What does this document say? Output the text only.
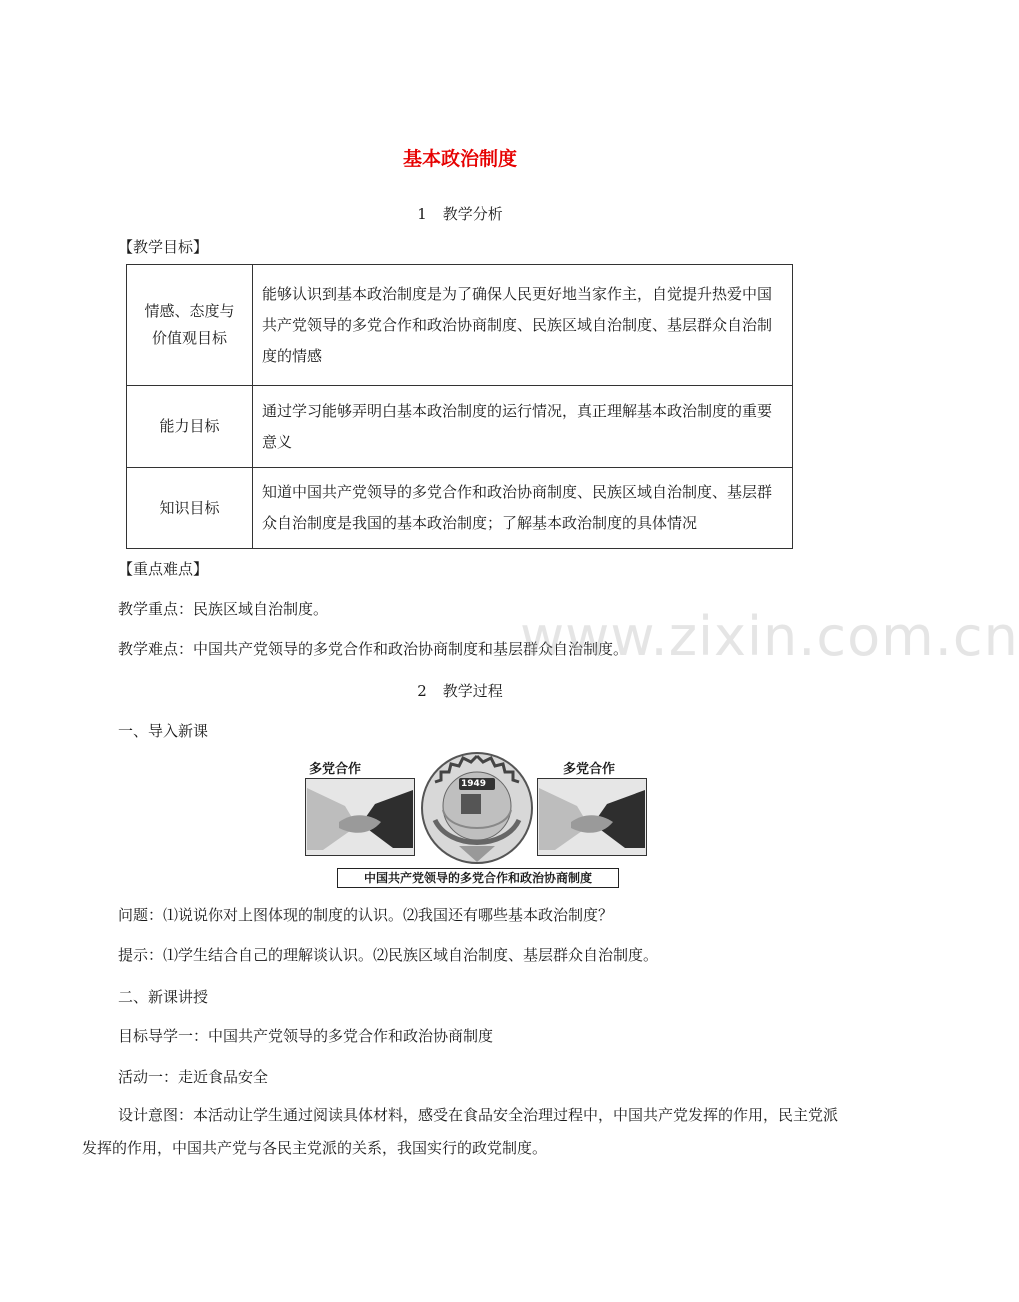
基本政治制度
1 教学分析
【教学目标】
情感、态度与
价值观目标	能够认识到基本政治制度是为了确保人民更好地当家作主，自觉提升热爱中国共产党领导的多党合作和政治协商制度、民族区域自治制度、基层群众自治制度的情感

能力目标	通过学习能够弄明白基本政治制度的运行情况，真正理解基本政治制度的重要意义

知识目标	知道中国共产党领导的多党合作和政治协商制度、民族区域自治制度、基层群众自治制度是我国的基本政治制度；了解基本政治制度的具体情况
【重点难点】
教学重点：民族区域自治制度。
教学难点：中国共产党领导的多党合作和政治协商制度和基层群众自治制度。
www.zixin.com.cn
2 教学过程
一、导入新课
多党合作	多党合作
1949
中国共产党领导的多党合作和政治协商制度
问题：⑴说说你对上图体现的制度的认识。⑵我国还有哪些基本政治制度？
提示：⑴学生结合自己的理解谈认识。⑵民族区域自治制度、基层群众自治制度。
二、新课讲授
目标导学一：中国共产党领导的多党合作和政治协商制度
活动一：走近食品安全
设计意图：本活动让学生通过阅读具体材料，感受在食品安全治理过程中，中国共产党发挥的作用，民主党派发挥的作用，中国共产党与各民主党派的关系，我国实行的政党制度。
